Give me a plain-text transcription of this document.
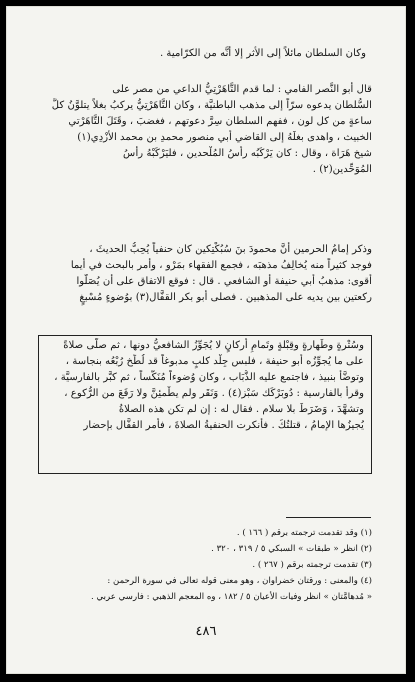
وكان السلطان مائلاً إلى الأثر إلا أنَّه من الكرّامية .
قال أبو النَّصر الفامي : لما قدم التَّاهَرْتِيُّ الداعي من مصر على
السُّلطان يدعوه سرّاً إلى مذهب الباطنيَّة ، وكان التَّاهَرْتِيُّ يركبُ بغلاً يتلوَّنُ كلَّ
ساعةٍ من كل لون ، ففهم السلطان سِرَّ دعوتهم ، فغضبَ ، وقَتَلَ التَّاهَرْتي
الخبيث ، واهدى بغلَهُ إلى القاضي أبي منصور محمدِ بن محمد الأزْدِي(١)
شيخ هَرَاة ، وقال : كان يَرْكَبُه رأسُ المُلْحدين ، فليَرْكَبْهُ رأسُ
المُوَحِّدين(٢) .
وذكر إمامُ الحرمين أنَّ محمودَ بنَ سُبُكْتِكين كان حنفياً يُحِبُّ الحديثَ ،
فوجد كثيراً منه يُخالِفُ مذهبَه ، فجمع الفقهاء بمَرْو ، وأمر بالبحث في أيما
أقوى: مذهبُ أبي حنيفة أو الشافعي . قال : فوقع الاتفاق على أن يُصَلُّوا
ركعتين بين يديه على المذهبين . فصلى أبو بكر القفَّال(٣) بوُضوءٍ مُسْبغٍ
وسُتْرةٍ وطَهارةٍ وقِبْلةٍ وتَمامِ أركانٍ لا يُجَوِّزُ الشافعيُّ دونها ، ثم صلَّى صلاةً
على ما يُجوِّزُه أبو حنيفة ، فلبس جِلْد كلبٍ مدبوغاً قد لُطِّخ رُبْعُه بنجاسة ،
وتوضَّأ بنبيذ ، فاجتمع عليه الذُّبَاب ، وكان وُضوءاً مُنَكَّساً ، ثم كبَّر بالفارسيَّة ،
وقرأ بالفارسية : دُوبَرْكَك سَبْز(٤) . وَنَقَر ولم يطْمئِنَّ ولا رَفَعَ من الرُّكوع ،
وتشهَّدَ ، وَضَرَطَ بلا سلام . فقال له : إن لم تكن هذه الصلاةُ
يُجيزُها الإمامُ ، قتلتُكَ . فأنكرت الحنفيةُ الصلاةَ ، فأمر القفَّال بإحضار
(١) وقد تقدمت ترجمته برقم ( ١٦٦ ) .
(٢) انظر « طبقات » السبكي ٥ / ٣١٩ ، ٣٢٠ .
(٣) تقدمت ترجمته برقم ( ٢٦٧ ) .
(٤) والمعنى : ورقتان خضراوان ، وهو معنى قوله تعالى في سورة الرحمن :
« مُدهامَّتان » انظر وفيات الأعيان ٥ / ١٨٢ ، وه المعجم الذهبي : فارسي عربي .
٤٨٦
